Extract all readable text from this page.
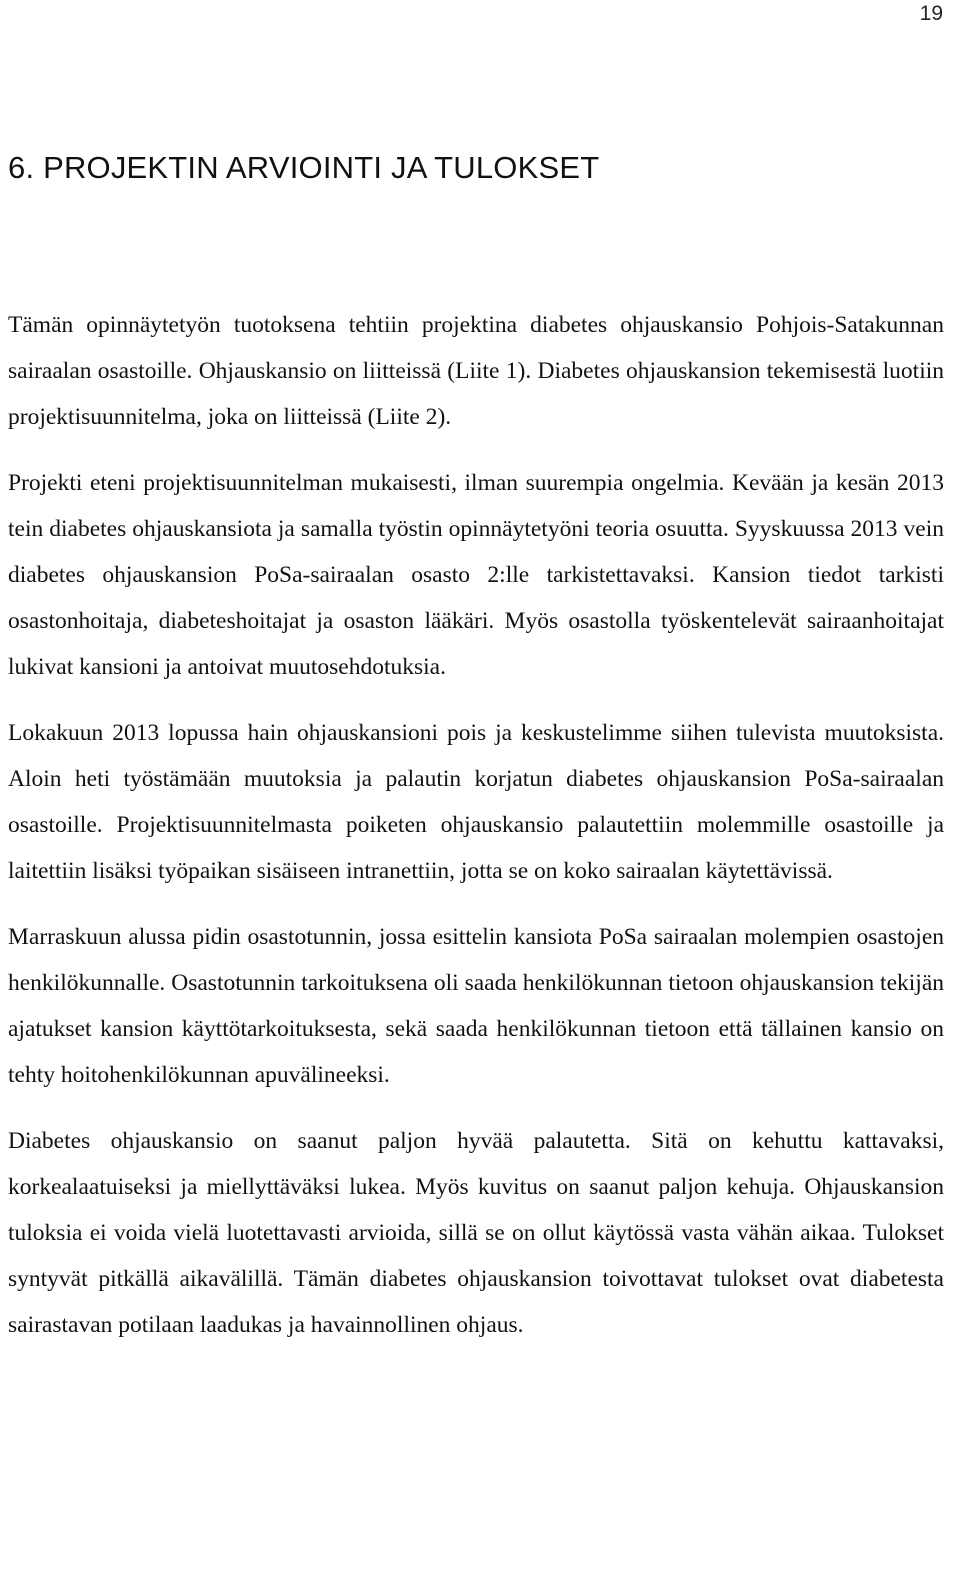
19
6. PROJEKTIN ARVIOINTI JA TULOKSET

Tämän opinnäytetyön tuotoksena tehtiin projektina diabetes ohjauskansio Pohjois-Satakunnan sairaalan osastoille. Ohjauskansio on liitteissä (Liite 1). Diabetes ohjauskansion tekemisestä luotiin projektisuunnitelma, joka on liitteissä (Liite 2).

Projekti eteni projektisuunnitelman mukaisesti, ilman suurempia ongelmia. Kevään ja kesän 2013 tein diabetes ohjauskansiota ja samalla työstin opinnäytetyöni teoria osuutta. Syyskuussa 2013 vein diabetes ohjauskansion PoSa-sairaalan osasto 2:lle tarkistettavaksi. Kansion tiedot tarkisti osastonhoitaja, diabeteshoitajat ja osaston lääkäri. Myös osastolla työskentelevät sairaanhoitajat lukivat kansioni ja antoivat muutosehdotuksia.

Lokakuun 2013 lopussa hain ohjauskansioni pois ja keskustelimme siihen tulevista muutoksista. Aloin heti työstämään muutoksia ja palautin korjatun diabetes ohjauskansion PoSa-sairaalan osastoille. Projektisuunnitelmasta poiketen ohjauskansio palautettiin molemmille osastoille ja laitettiin lisäksi työpaikan sisäiseen intranettiin, jotta se on koko sairaalan käytettävissä.

Marraskuun alussa pidin osastotunnin, jossa esittelin kansiota PoSa sairaalan molempien osastojen henkilökunnalle. Osastotunnin tarkoituksena oli saada henkilökunnan tietoon ohjauskansion tekijän ajatukset kansion käyttötarkoituksesta, sekä saada henkilökunnan tietoon että tällainen kansio on tehty hoitohenkilökunnan apuvälineeksi.

Diabetes ohjauskansio on saanut paljon hyvää palautetta. Sitä on kehuttu kattavaksi, korkealaatuiseksi ja miellyttäväksi lukea. Myös kuvitus on saanut paljon kehuja. Ohjauskansion tuloksia ei voida vielä luotettavasti arvioida, sillä se on ollut käytössä vasta vähän aikaa. Tulokset syntyvät pitkällä aikavälillä. Tämän diabetes ohjauskansion toivottavat tulokset ovat diabetesta sairastavan potilaan laadukas ja havainnollinen ohjaus.
